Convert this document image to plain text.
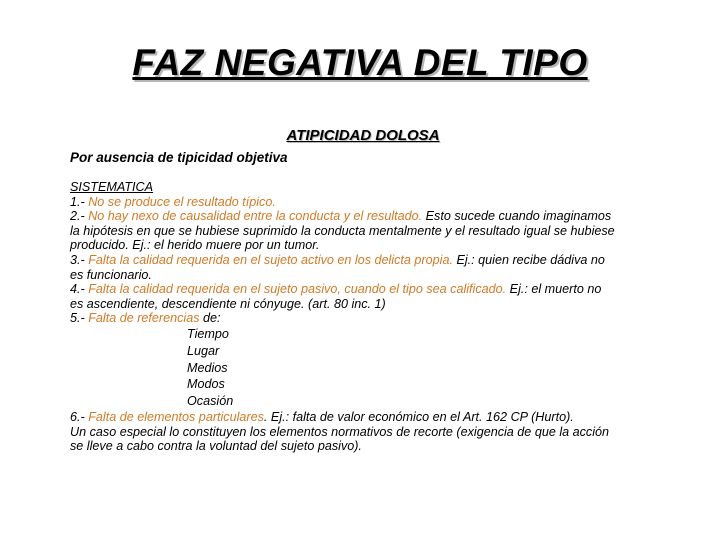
FAZ NEGATIVA DEL TIPO
ATIPICIDAD DOLOSA
Por ausencia de tipicidad objetiva
SISTEMATICA
1.- No se produce el resultado típico.
2.- No hay nexo de causalidad entre la conducta y el resultado. Esto sucede cuando imaginamos
la hipótesis en que se hubiese suprimido la conducta mentalmente y el resultado igual se hubiese
producido. Ej.: el herido muere por un tumor.
3.- Falta la calidad requerida en el sujeto activo en los delicta propia. Ej.: quien recibe dádiva no
es funcionario.
4.- Falta la calidad requerida en el sujeto pasivo, cuando el tipo sea calificado. Ej.: el muerto no
es ascendiente, descendiente ni cónyuge. (art. 80 inc. 1)
5.- Falta de referencias de:
Tiempo
Lugar
Medios
Modos
Ocasión
6.- Falta de elementos particulares. Ej.: falta de valor económico en el Art. 162 CP (Hurto).
Un caso especial lo constituyen los elementos normativos de recorte (exigencia de que la acción
se lleve a cabo contra la voluntad del sujeto pasivo).
